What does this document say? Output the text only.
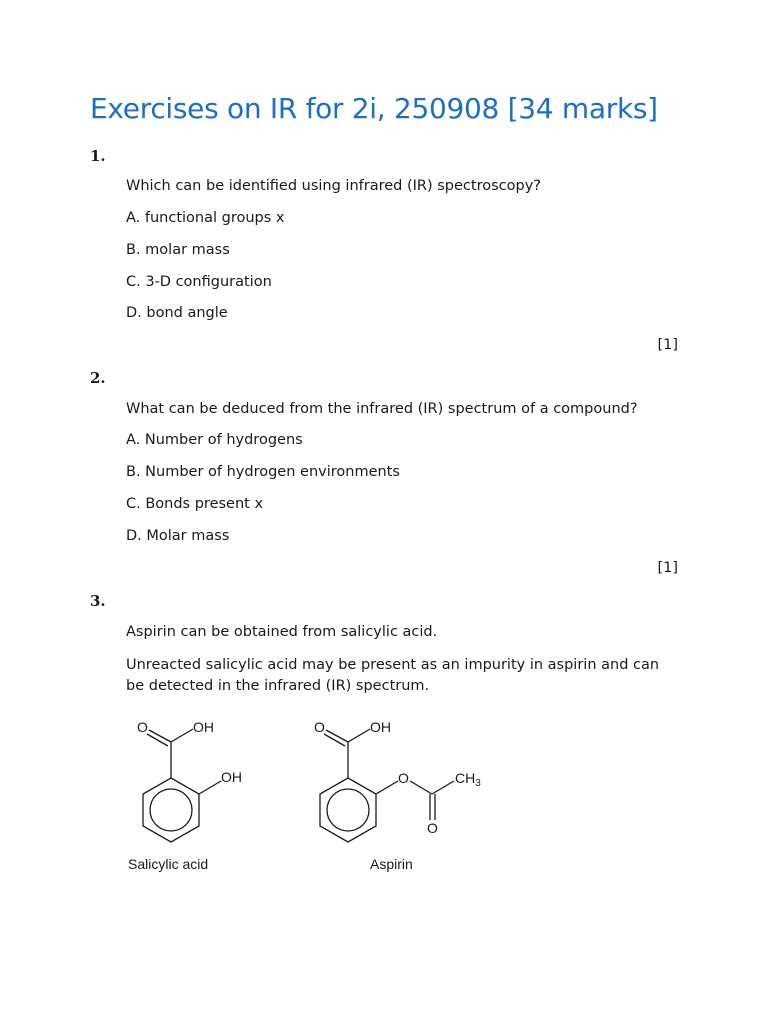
Exercises on IR for 2i, 250908 [34 marks]
1.
Which can be identified using infrared (IR) spectroscopy?
A. functional groups x
B. molar mass
C. 3-D configuration
D. bond angle
[1]
2.
What can be deduced from the infrared (IR) spectrum of a compound?
A. Number of hydrogens
B. Number of hydrogen environments
C. Bonds present x
D. Molar mass
[1]
3.
Aspirin can be obtained from salicylic acid.
Unreacted salicylic acid may be present as an impurity in aspirin and can be detected in the infrared (IR) spectrum.
O	OH
OH
Salicylic acid
O	OH
O	$CH_3$
O
Aspirin
